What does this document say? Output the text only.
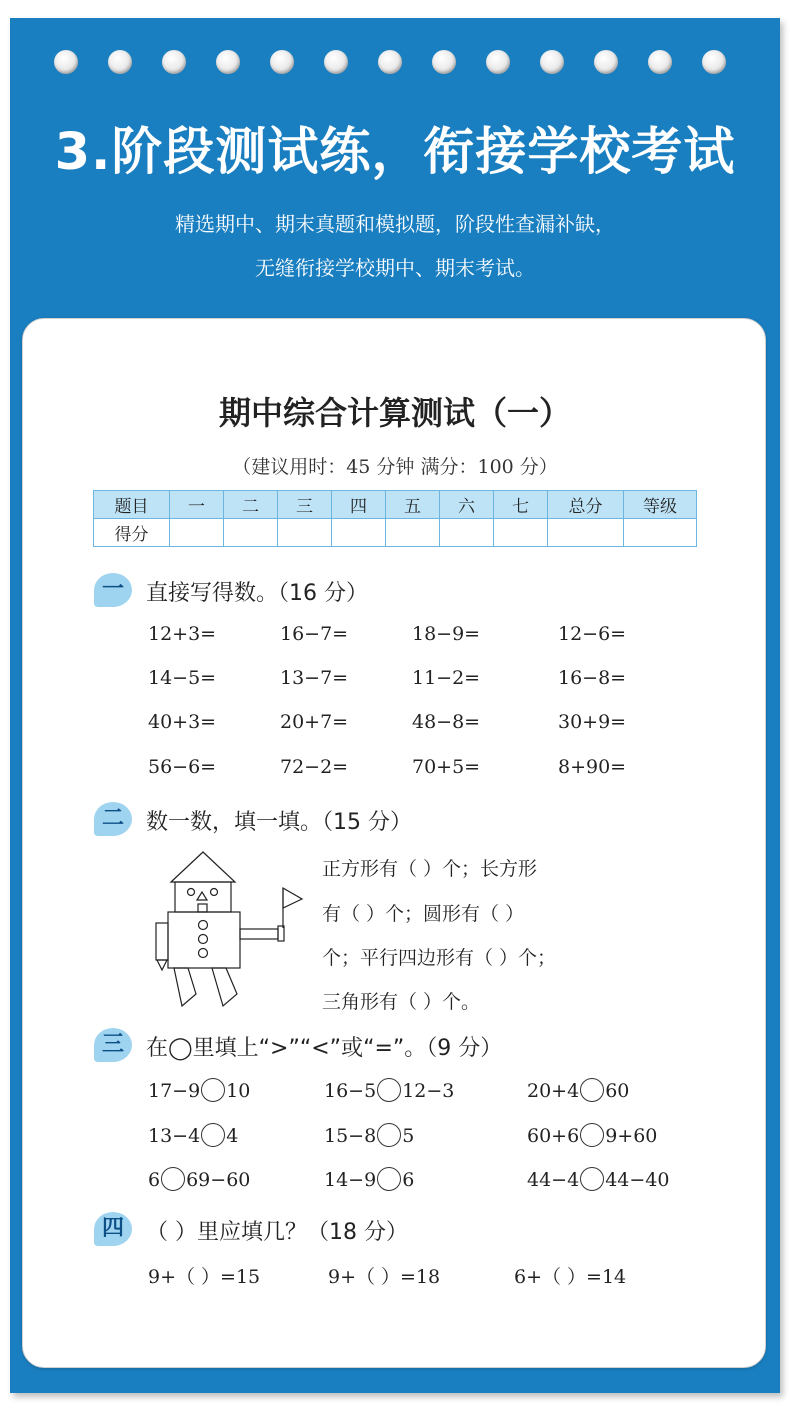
3.阶段测试练，衔接学校考试
精选期中、期末真题和模拟题，阶段性查漏补缺，
无缝衔接学校期中、期末考试。
期中综合计算测试（一）
（建议用时：45 分钟 满分：100 分）
题目	一	二	三	四	五	六	七	总分	等级
得分									
一	直接写得数。（16 分）
12+3=	16−7=	18−9=	12−6=
14−5=	13−7=	11−2=	16−8=
40+3=	20+7=	48−8=	30+9=
56−6=	72−2=	70+5=	8+90=
二	数一数，填一填。（15 分）
正方形有（ ）个；长方形
有（ ）个；圆形有（ ）
个；平行四边形有（ ）个；
三角形有（ ）个。
三	在◯里填上“>”“<”或“=”。（9 分）
17−9 10	16−5 12−3	20+4 60
13−4 4	15−8 5	60+6 9+60
6 69−60	14−9 6	44−4 44−40
四	（ ）里应填几？（18 分）
9+（ ）=15	9+（ ）=18	6+（ ）=14
